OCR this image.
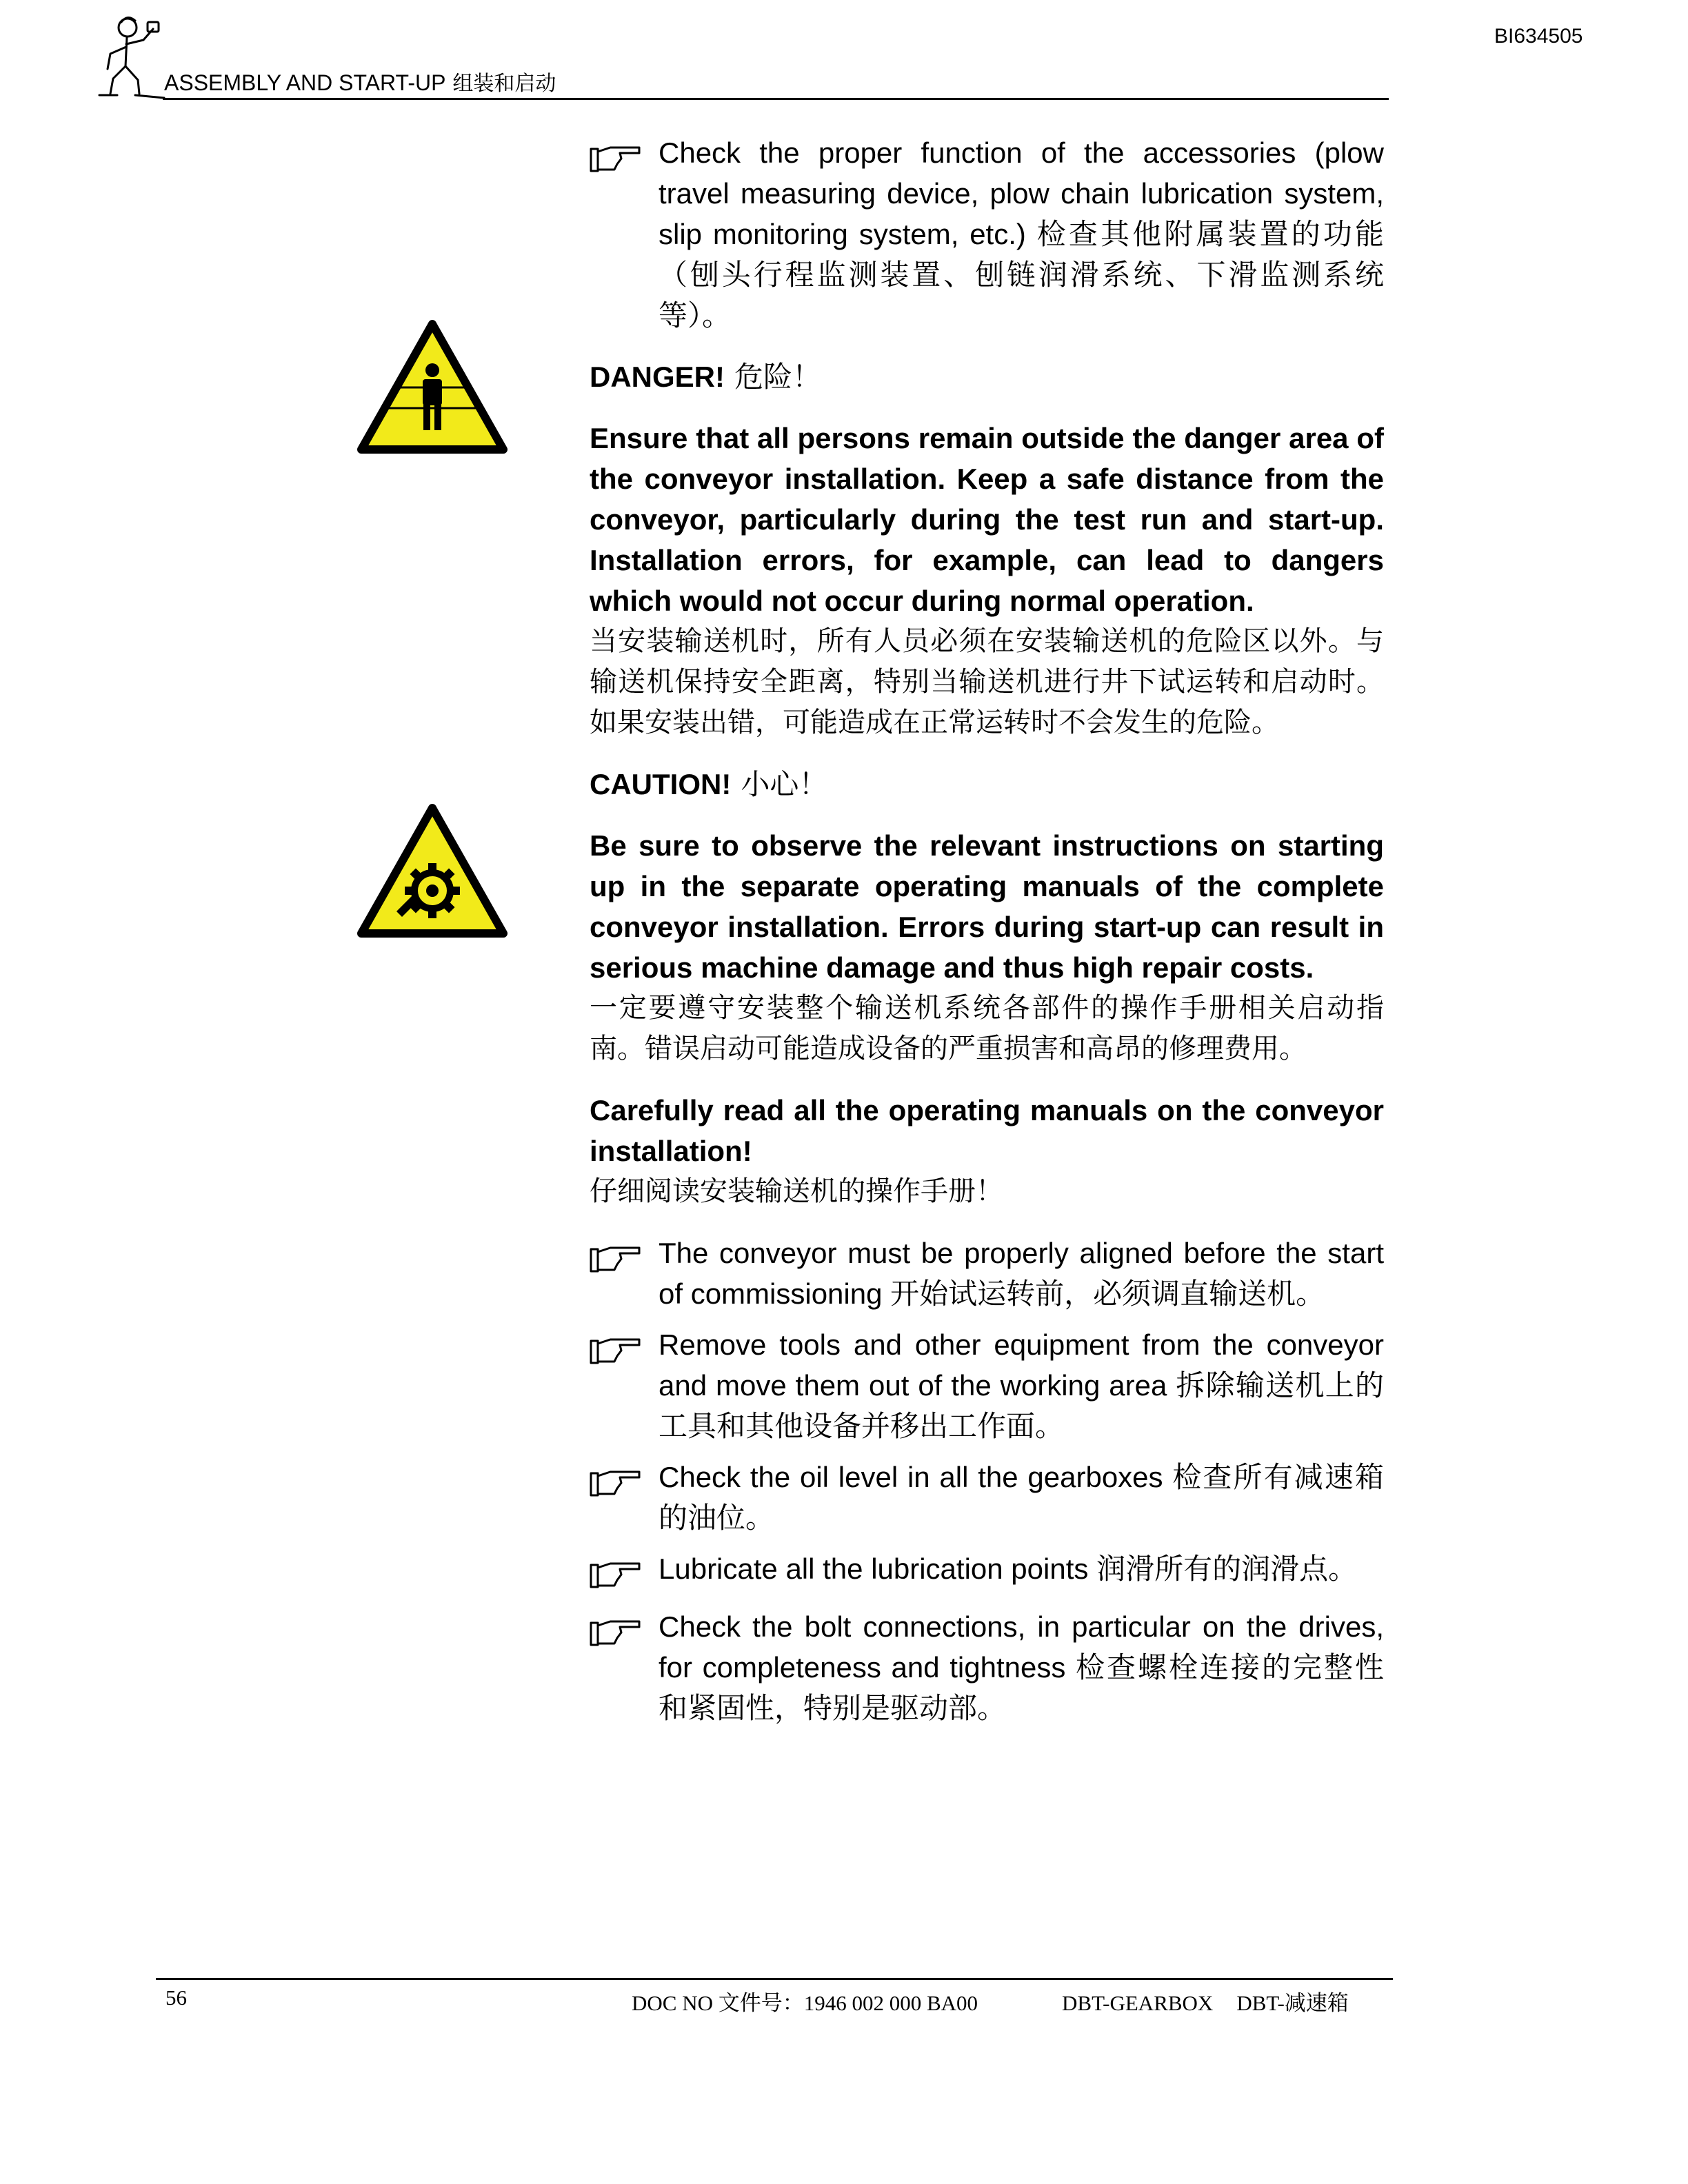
ASSEMBLY AND START-UP 组装和启动
BI634505
Check the proper function of the accessories (plow travel measuring device, plow chain lubrication system, slip monitoring system, etc.) 检查其他附属装置的功能（刨头行程监测装置、刨链润滑系统、下滑监测系统等）。
DANGER! 危险！
Ensure that all persons remain outside the danger area of the conveyor installation. Keep a safe distance from the conveyor, particularly during the test run and start-up. Installation errors, for example, can lead to dangers which would not occur during normal operation.
当安装输送机时，所有人员必须在安装输送机的危险区以外。与输送机保持安全距离，特别当输送机进行井下试运转和启动时。如果安装出错，可能造成在正常运转时不会发生的危险。
CAUTION! 小心！
Be sure to observe the relevant instructions on starting up in the separate operating manuals of the complete conveyor installation. Errors during start-up can result in serious machine damage and thus high repair costs.
一定要遵守安装整个输送机系统各部件的操作手册相关启动指南。错误启动可能造成设备的严重损害和高昂的修理费用。
Carefully read all the operating manuals on the conveyor installation!
仔细阅读安装输送机的操作手册！
The conveyor must be properly aligned before the start of commissioning 开始试运转前，必须调直输送机。
Remove tools and other equipment from the conveyor and move them out of the working area 拆除输送机上的工具和其他设备并移出工作面。
Check the oil level in all the gearboxes 检查所有减速箱的油位。
Lubricate all the lubrication points 润滑所有的润滑点。
Check the bolt connections, in particular on the drives, for completeness and tightness 检查螺栓连接的完整性和紧固性，特别是驱动部。
56	DOC NO 文件号：1946 002 000 BA00	DBT-GEARBOX DBT-减速箱
